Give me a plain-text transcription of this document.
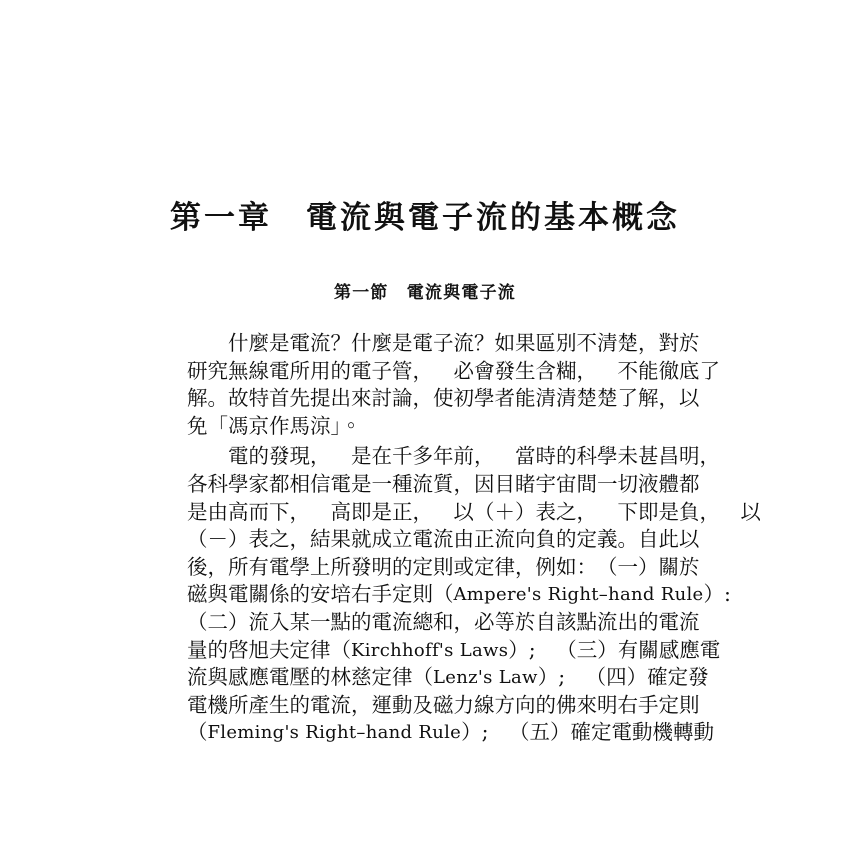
第一章　電流與電子流的基本概念
第一節　電流與電子流

什 麼 是 電 流 ？ 什 麼 是 電 子 流 ？ 如 果 區 別 不 清 楚 ， 對 於
研 究 無 線 電 所 用 的 電 子 管 ，
　 必 會 發 生 含 糊 ，
　 不 能 徹 底 了
解 。 故 特 首 先 提 出 來 討 論 ， 使 初 學 者 能 清 清 楚 楚 了 解 ， 以
免「馮京作馬涼」。

電 的 發 現 ，
　 是 在 千 多 年 前 ，
　 當 時 的 科 學 未 甚 昌 明 ，
各 科 學 家 都 相 信 電 是 一 種 流 質 ， 因 目 睹 宇 宙 間 一 切 液 體 都
是 由 高 而 下 ，
　 高 即 是 正 ，
　 以 （ ＋ ） 表 之 ，
　 下 即 是 負 ，
　 以
（ － ） 表 之 ， 結 果 就 成 立 電 流 由 正 流 向 負 的 定 義 。 自 此 以
後 ， 所 有 電 學 上 所 發 明 的 定 則 或 定 律 ， 例 如 ： （ 一 ） 關 於
磁 與 電 關 係 的 安 培 右 手 定 則 （ Ampere's Right–hand Rule ） :
（ 二 ） 流 入 某 一 點 的 電 流 總 和 ， 必 等 於 自 該 點 流 出 的 電 流
量 的 啓 旭 夫 定 律 （ Kirchhoff's Laws ） ;
　 （ 三 ） 有 關 感 應 電
流 與 感 應 電 壓 的 林 慈 定 律 （ Lenz's Law ） ;
　 （ 四 ） 確 定 發
電 機 所 產 生 的 電 流 ， 運 動 及 磁 力 線 方 向 的 佛 來 明 右 手 定 則
（ Fleming's Right–hand Rule ） ;
　 （ 五 ） 確 定 電 動 機 轉 動
